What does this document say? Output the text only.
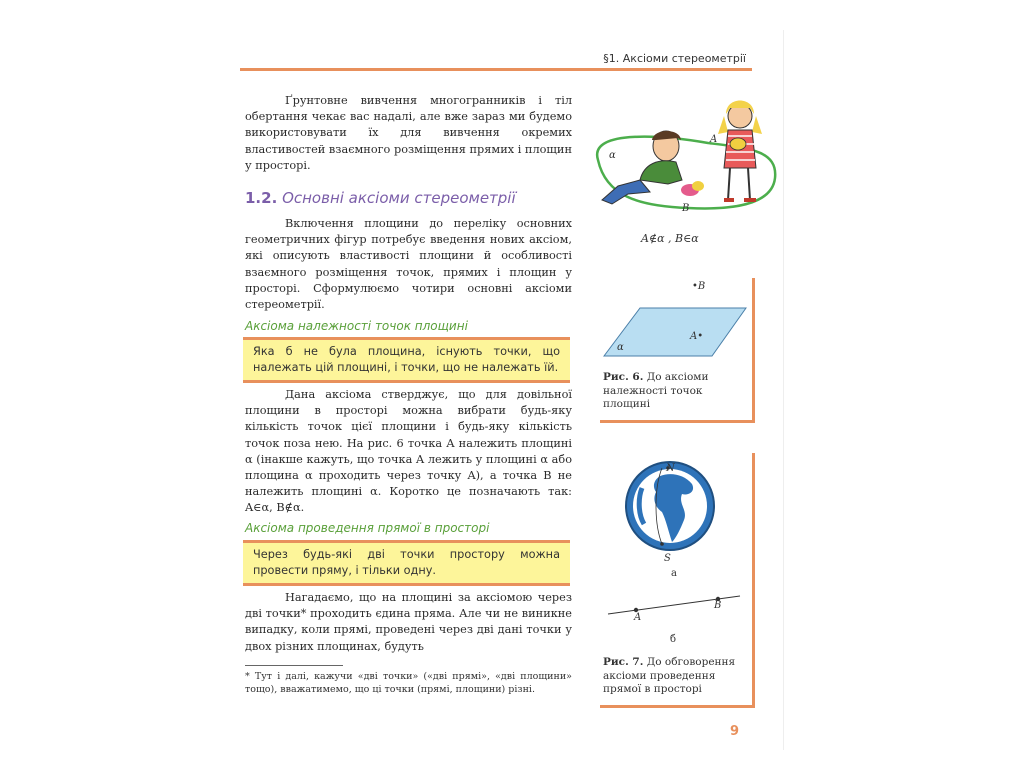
§1. Аксіоми стереометрії
Ґрунтовне вивчення многогранників і тіл обертання чекає вас надалі, але вже зараз ми будемо використовувати їх для вивчення окремих властивостей взаємного розміщення прямих і площин у просторі.
1.2. Основні аксіоми стереометрії
Включення площини до переліку основних геометричних фігур потребує введення нових аксіом, які описують властивості площини й особливості взаємного розміщення точок, прямих і площин у просторі. Сформулюємо чотири основні аксіоми стереометрії.
Аксіома належності точок площині
Яка б не була площина, існують точки, що належать цій площині, і точки, що не належать їй.
Дана аксіома стверджує, що для довільної площини в просторі можна вибрати будь-яку кількість точок цієї площини і будь-яку кількість точок поза нею. На рис. 6 точка A належить площині α (інакше кажуть, що точка A лежить у площині α або площина α проходить через точку A), а точка B не належить площині α. Коротко це позначають так: A∈α, B∉α.
Аксіома проведення прямої в просторі
Через будь-які дві точки простору можна провести пряму, і тільки одну.
Нагадаємо, що на площині за аксіомою через дві точки* проходить єдина пряма. Але чи не виникне випадку, коли прямі, проведені через дві дані точки у двох різних площинах, будуть
* Тут і далі, кажучи «дві точки» («дві прямі», «дві площини» тощо), вважатимемо, що ці точки (прямі, площини) різні.
9
α
A
B
A∉α , B∈α
•B
A•
α
Рис. 6. До аксіоми належності точок площині
N
S
а
A
B
б
Рис. 7. До обговорення аксіоми проведення прямої в просторі
